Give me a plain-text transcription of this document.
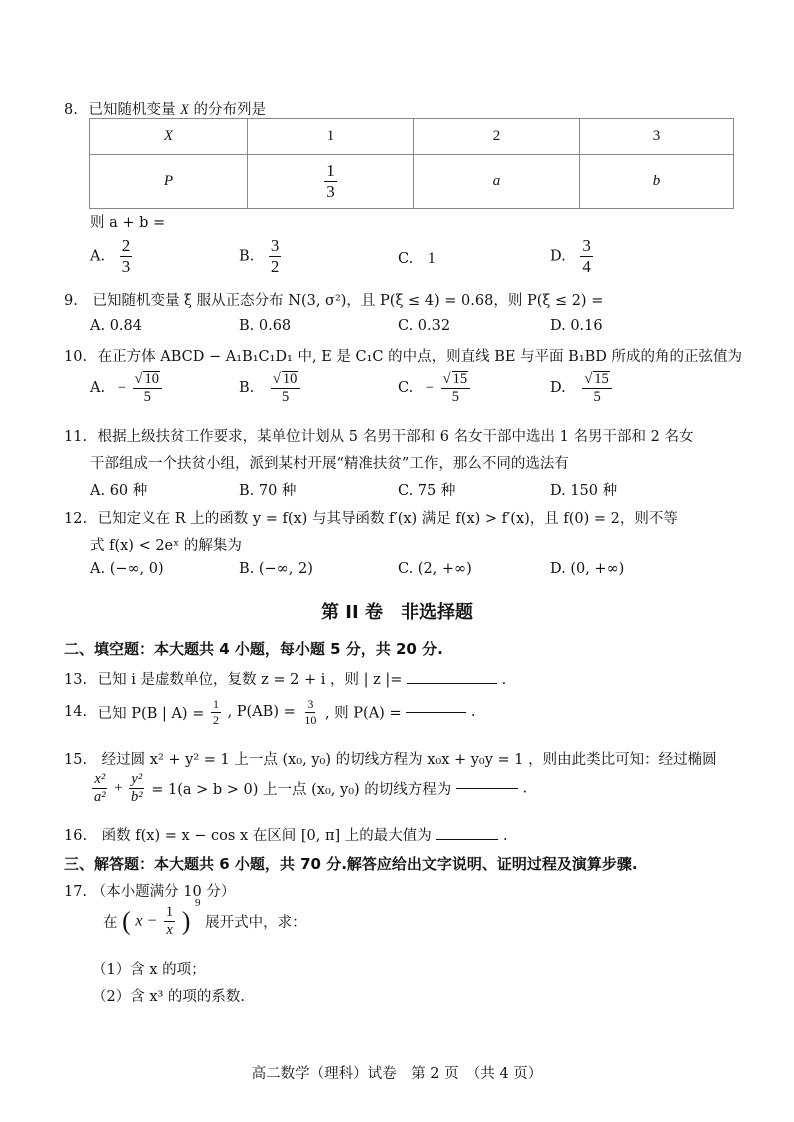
8. 已知随机变量 X 的分布列是
X	1	2	3
P	$\frac{1}{3}$	a	b
则 a + b =
A. $\frac{2}{3}$	B. $\frac{3}{2}$	C. 1	D. $\frac{3}{4}$
9. 已知随机变量 ξ 服从正态分布 N(3, σ²)，且 P(ξ ≤ 4) = 0.68，则 P(ξ ≤ 2) =
A. 0.84	B. 0.68	C. 0.32	D. 0.16
10. 在正方体 ABCD − A₁B₁C₁D₁ 中, E 是 C₁C 的中点，则直线 BE 与平面 B₁BD 所成的角的正弦值为
A. − $\frac{√ 10}{5}$	B. $\frac{√ 10}{5}$	C. − $\frac{√ 15}{5}$	D. $\frac{√ 15}{5}$
11. 根据上级扶贫工作要求，某单位计划从 5 名男干部和 6 名女干部中选出 1 名男干部和 2 名女
干部组成一个扶贫小组，派到某村开展“精准扶贫”工作，那么不同的选法有
A. 60 种	B. 70 种	C. 75 种	D. 150 种
12. 已知定义在 R 上的函数 y = f(x) 与其导函数 f′(x) 满足 f(x) > f′(x)，且 f(0) = 2，则不等
式 f(x) < 2eˣ 的解集为
A. (−∞, 0)	B. (−∞, 2)	C. (2, +∞)	D. (0, +∞)
第 II 卷　非选择题
二、填空题：本大题共 4 小题，每小题 5 分，共 20 分.
13. 已知 i 是虚数单位，复数 z = 2 + i ，则 | z |=	.
14. 已知 P(B | $A) = \frac{1}{2}$ , $P(AB) = \frac{3}{10}$ , 则 P(A) =	.
15. 经过圆 x² + y² = 1 上一点 (x₀, y₀) 的切线方程为 x₀x + y₀y = 1 ，则由此类比可知：经过椭圆
$\frac{\text{x²}}{\text{a²}} + \frac{\text{y²}}{\text{b²}} = 1(a > b > 0)$ 上一点 (x₀, y₀) 的切线方程为	.
16. 函数 f(x) = x − cos x 在区间 [0, π] 上的最大值为	.
三、解答题：本大题共 6 小题，共 70 分.解答应给出文字说明、证明过程及演算步骤.
17. （本小题满分 10 分）
在 ( $x - \frac{1}{x}$ ) $^9$ 展开式中，求：
（1）含 x 的项；
（2）含 x³ 的项的系数.
高二数学（理科）试卷　第 2 页　（共 4 页）
